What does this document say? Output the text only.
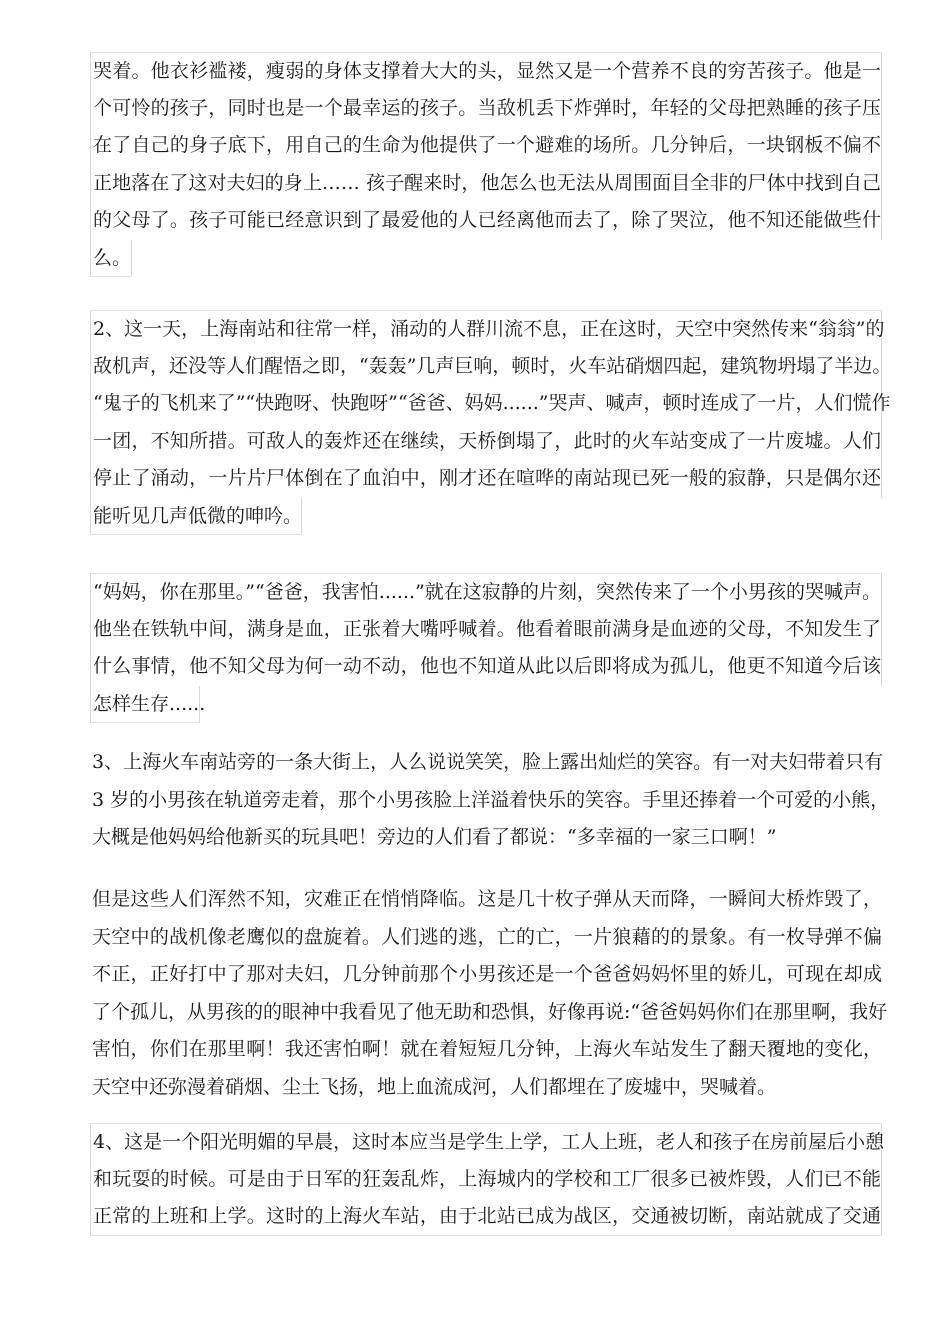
哭着。他衣衫褴褛，瘦弱的身体支撑着大大的头，显然又是一个营养不良的穷苦孩子。他是一
个可怜的孩子，同时也是一个最幸运的孩子。当敌机丢下炸弹时，年轻的父母把熟睡的孩子压
在了自己的身子底下，用自己的生命为他提供了一个避难的场所。几分钟后，一块钢板不偏不
正地落在了这对夫妇的身上…… 孩子醒来时，他怎么也无法从周围面目全非的尸体中找到自己
的父母了。孩子可能已经意识到了最爱他的人已经离他而去了，除了哭泣，他不知还能做些什
么。
2、这一天，上海南站和往常一样，涌动的人群川流不息，正在这时，天空中突然传来“翁翁”的
敌机声，还没等人们醒悟之即，“轰轰”几声巨响，顿时，火车站硝烟四起，建筑物坍塌了半边。
“鬼子的飞机来了”“快跑呀、快跑呀”“爸爸、妈妈......”哭声、喊声，顿时连成了一片，人们慌作
一团，不知所措。可敌人的轰炸还在继续，天桥倒塌了，此时的火车站变成了一片废墟。人们
停止了涌动，一片片尸体倒在了血泊中，刚才还在喧哗的南站现已死一般的寂静，只是偶尔还
能听见几声低微的呻吟。
“妈妈，你在那里。”“爸爸，我害怕......”就在这寂静的片刻，突然传来了一个小男孩的哭喊声。
他坐在铁轨中间，满身是血，正张着大嘴呼喊着。他看着眼前满身是血迹的父母，不知发生了
什么事情，他不知父母为何一动不动，他也不知道从此以后即将成为孤儿，他更不知道今后该
怎样生存......
3、上海火车南站旁的一条大街上，人么说说笑笑，脸上露出灿烂的笑容。有一对夫妇带着只有
3 岁的小男孩在轨道旁走着，那个小男孩脸上洋溢着快乐的笑容。手里还捧着一个可爱的小熊，
大概是他妈妈给他新买的玩具吧！旁边的人们看了都说：“多幸福的一家三口啊！”
但是这些人们浑然不知，灾难正在悄悄降临。这是几十枚子弹从天而降，一瞬间大桥炸毁了，
天空中的战机像老鹰似的盘旋着。人们逃的逃，亡的亡，一片狼藉的的景象。有一枚导弹不偏
不正，正好打中了那对夫妇，几分钟前那个小男孩还是一个爸爸妈妈怀里的娇儿，可现在却成
了个孤儿，从男孩的的眼神中我看见了他无助和恐惧，好像再说:“爸爸妈妈你们在那里啊，我好
害怕，你们在那里啊！我还害怕啊！就在着短短几分钟，上海火车站发生了翻天覆地的变化，
天空中还弥漫着硝烟、尘土飞扬，地上血流成河，人们都埋在了废墟中，哭喊着。
4、这是一个阳光明媚的早晨，这时本应当是学生上学，工人上班，老人和孩子在房前屋后小憩
和玩耍的时候。可是由于日军的狂轰乱炸，上海城内的学校和工厂很多已被炸毁，人们已不能
正常的上班和上学。这时的上海火车站，由于北站已成为战区，交通被切断，南站就成了交通
